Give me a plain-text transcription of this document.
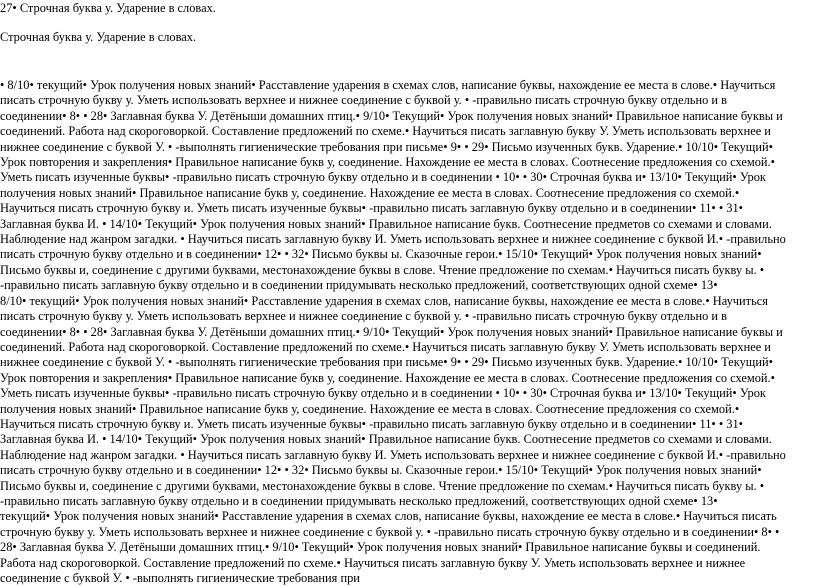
27• Строчная буква у. Ударение в словах.
Строчная буква у. Ударение в словах.

• 8/10• текущий• Урок получения новых знаний• Расставление ударения в схемах слов, написание буквы, нахождение ее места в слове.• Научиться писать строчную букву у. Уметь использовать верхнее и нижнее соединение с буквой у. • -правильно писать строчную букву отдельно и в соединении• 8• • 28• Заглавная буква У. Детёныши домашних птиц.• 9/10• Текущий• Урок получения новых знаний• Правильное написание буквы и соединений. Работа над скороговоркой. Составление предложений по схеме.• Научиться писать заглавную букву У. Уметь использовать верхнее и нижнее соединение с буквой У. • -выполнять гигиенические требования при письме• 9• • 29• Письмо изученных букв. Ударение.• 10/10• Текущий• Урок повторения и закрепления• Правильное написание букв у, соединение. Нахождение ее места в словах. Соотнесение предложения со схемой.• Уметь писать изученные буквы• -правильно писать строчную букву отдельно и в соединении • 10• • 30• Строчная буква и• 13/10• Текущий• Урок получения новых знаний• Правильное написание букв у, соединение. Нахождение ее места в словах. Соотнесение предложения со схемой.• Научиться писать строчную букву и. Уметь писать изученные буквы• -правильно писать заглавную букву отдельно и в соединении• 11• • 31• Заглавная буква И. • 14/10• Текущий• Урок получения новых знаний• Правильное написание букв. Соотнесение предметов со схемами и словами. Наблюдение над жанром загадки. • Научиться писать заглавную букву И. Уметь использовать верхнее и нижнее соединение с буквой И.• -правильно писать строчную букву отдельно и в соединении• 12• • 32• Письмо буквы ы. Сказочные герои.• 15/10• Текущий• Урок получения новых знаний• Письмо буквы и, соединение с другими буквами, местонахождение буквы в слове. Чтение предложение по схемам.• Научиться писать букву ы. • -правильно писать заглавную букву отдельно и в соединении придумывать несколько предложений, соответствующих одной схеме• 13•

8/10• текущий• Урок получения новых знаний• Расставление ударения в схемах слов, написание буквы, нахождение ее места в слове.• Научиться писать строчную букву у. Уметь использовать верхнее и нижнее соединение с буквой у. • -правильно писать строчную букву отдельно и в соединении• 8• • 28• Заглавная буква У. Детёныши домашних птиц.• 9/10• Текущий• Урок получения новых знаний• Правильное написание буквы и соединений. Работа над скороговоркой. Составление предложений по схеме.• Научиться писать заглавную букву У. Уметь использовать верхнее и нижнее соединение с буквой У. • -выполнять гигиенические требования при письме• 9• • 29• Письмо изученных букв. Ударение.• 10/10• Текущий• Урок повторения и закрепления• Правильное написание букв у, соединение. Нахождение ее места в словах. Соотнесение предложения со схемой.• Уметь писать изученные буквы• -правильно писать строчную букву отдельно и в соединении • 10• • 30• Строчная буква и• 13/10• Текущий• Урок получения новых знаний• Правильное написание букв у, соединение. Нахождение ее места в словах. Соотнесение предложения со схемой.• Научиться писать строчную букву и. Уметь писать изученные буквы• -правильно писать заглавную букву отдельно и в соединении• 11• • 31• Заглавная буква И. • 14/10• Текущий• Урок получения новых знаний• Правильное написание букв. Соотнесение предметов со схемами и словами. Наблюдение над жанром загадки. • Научиться писать заглавную букву И. Уметь использовать верхнее и нижнее соединение с буквой И.• -правильно писать строчную букву отдельно и в соединении• 12• • 32• Письмо буквы ы. Сказочные герои.• 15/10• Текущий• Урок получения новых знаний• Письмо буквы и, соединение с другими буквами, местонахождение буквы в слове. Чтение предложение по схемам.• Научиться писать букву ы. • -правильно писать заглавную букву отдельно и в соединении придумывать несколько предложений, соответствующих одной схеме• 13•

текущий• Урок получения новых знаний• Расставление ударения в схемах слов, написание буквы, нахождение ее места в слове.• Научиться писать строчную букву у. Уметь использовать верхнее и нижнее соединение с буквой у. • -правильно писать строчную букву отдельно и в соединении• 8• • 28• Заглавная буква У. Детёныши домашних птиц.• 9/10• Текущий• Урок получения новых знаний• Правильное написание буквы и соединений. Работа над скороговоркой. Составление предложений по схеме.• Научиться писать заглавную букву У. Уметь использовать верхнее и нижнее соединение с буквой У. • -выполнять гигиенические требования при
